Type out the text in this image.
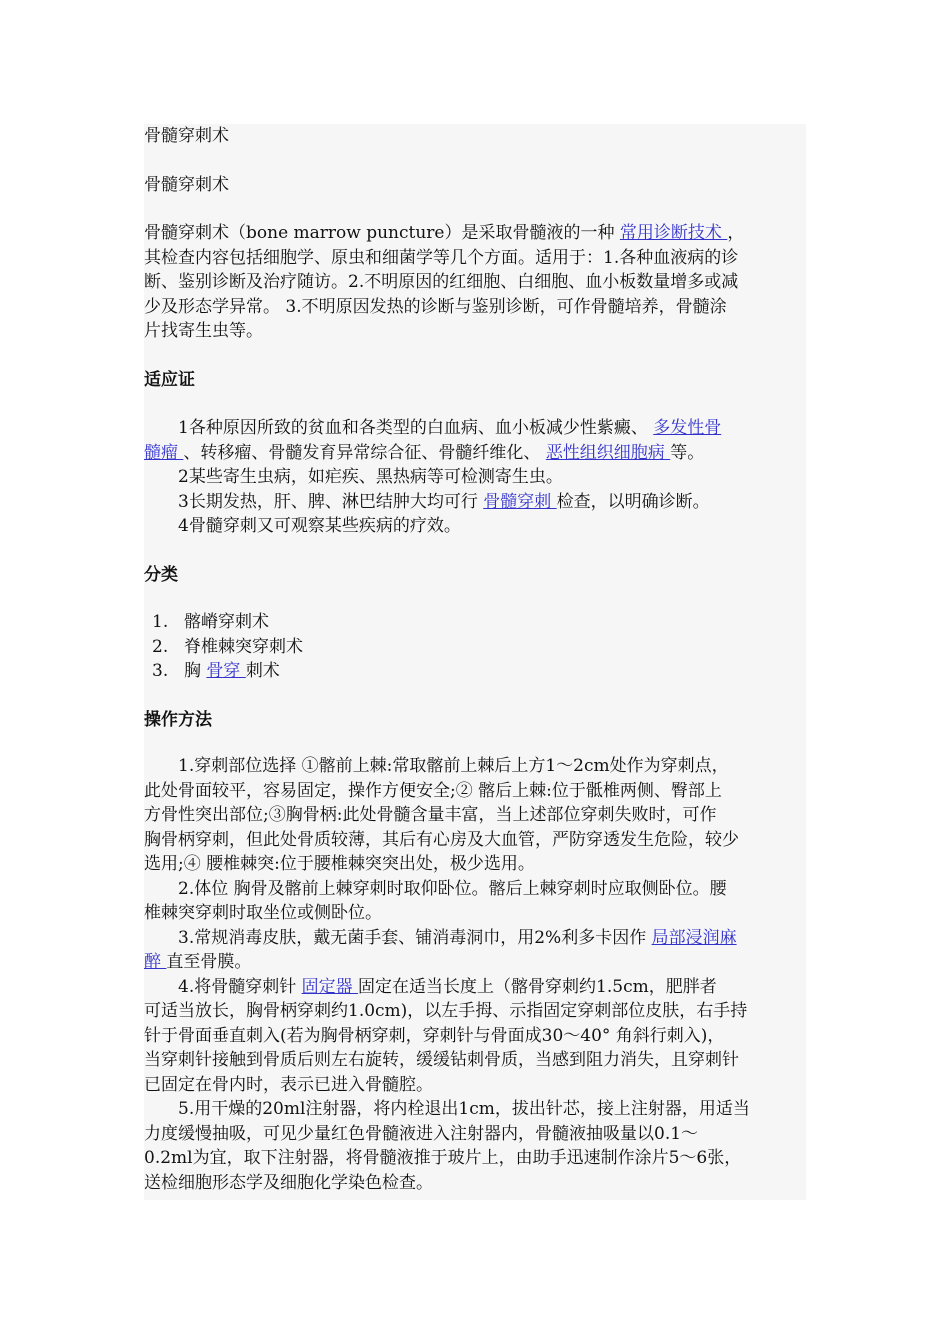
骨髓穿刺术

骨髓穿刺术

骨髓穿刺术（bone marrow puncture）是采取骨髓液的一种 常用诊断技术 ，
其检查内容包括细胞学、原虫和细菌学等几个方面。适用于：1.各种血液病的诊
断、鉴别诊断及治疗随访。2.不明原因的红细胞、白细胞、血小板数量增多或减
少及形态学异常。 3.不明原因发热的诊断与鉴别诊断，可作骨髓培养，骨髓涂
片找寄生虫等。

适应证

1各种原因所致的贫血和各类型的白血病、血小板减少性紫癜、 多发性骨
髓瘤 、转移瘤、骨髓发育异常综合征、骨髓纤维化、 恶性组织细胞病 等。
2某些寄生虫病，如疟疾、黑热病等可检测寄生虫。
3长期发热，肝、脾、淋巴结肿大均可行 骨髓穿刺 检查，以明确诊断。
4骨髓穿刺又可观察某些疾病的疗效。

分类

1. 髂嵴穿刺术
2. 脊椎棘突穿刺术
3. 胸 骨穿 刺术

操作方法

1.穿刺部位选择 ①髂前上棘:常取髂前上棘后上方1～2cm处作为穿刺点，
此处骨面较平，容易固定，操作方便安全;② 髂后上棘:位于骶椎两侧、臀部上
方骨性突出部位;③胸骨柄:此处骨髓含量丰富，当上述部位穿刺失败时，可作
胸骨柄穿刺，但此处骨质较薄，其后有心房及大血管，严防穿透发生危险，较少
选用;④ 腰椎棘突:位于腰椎棘突突出处，极少选用。
2.体位 胸骨及髂前上棘穿刺时取仰卧位。髂后上棘穿刺时应取侧卧位。腰
椎棘突穿刺时取坐位或侧卧位。
3.常规消毒皮肤，戴无菌手套、铺消毒洞巾，用2%利多卡因作 局部浸润麻
醉 直至骨膜。
4.将骨髓穿刺针 固定器 固定在适当长度上（髂骨穿刺约1.5cm，肥胖者
可适当放长，胸骨柄穿刺约1.0cm)，以左手拇、示指固定穿刺部位皮肤，右手持
针于骨面垂直刺入(若为胸骨柄穿刺，穿刺针与骨面成30～40° 角斜行刺入)，
当穿刺针接触到骨质后则左右旋转，缓缓钻刺骨质，当感到阻力消失，且穿刺针
已固定在骨内时，表示已进入骨髓腔。
5.用干燥的20ml注射器，将内栓退出1cm，拔出针芯，接上注射器，用适当
力度缓慢抽吸，可见少量红色骨髓液进入注射器内，骨髓液抽吸量以0.1～
0.2ml为宜，取下注射器，将骨髓液推于玻片上，由助手迅速制作涂片5～6张，
送检细胞形态学及细胞化学染色检查。
